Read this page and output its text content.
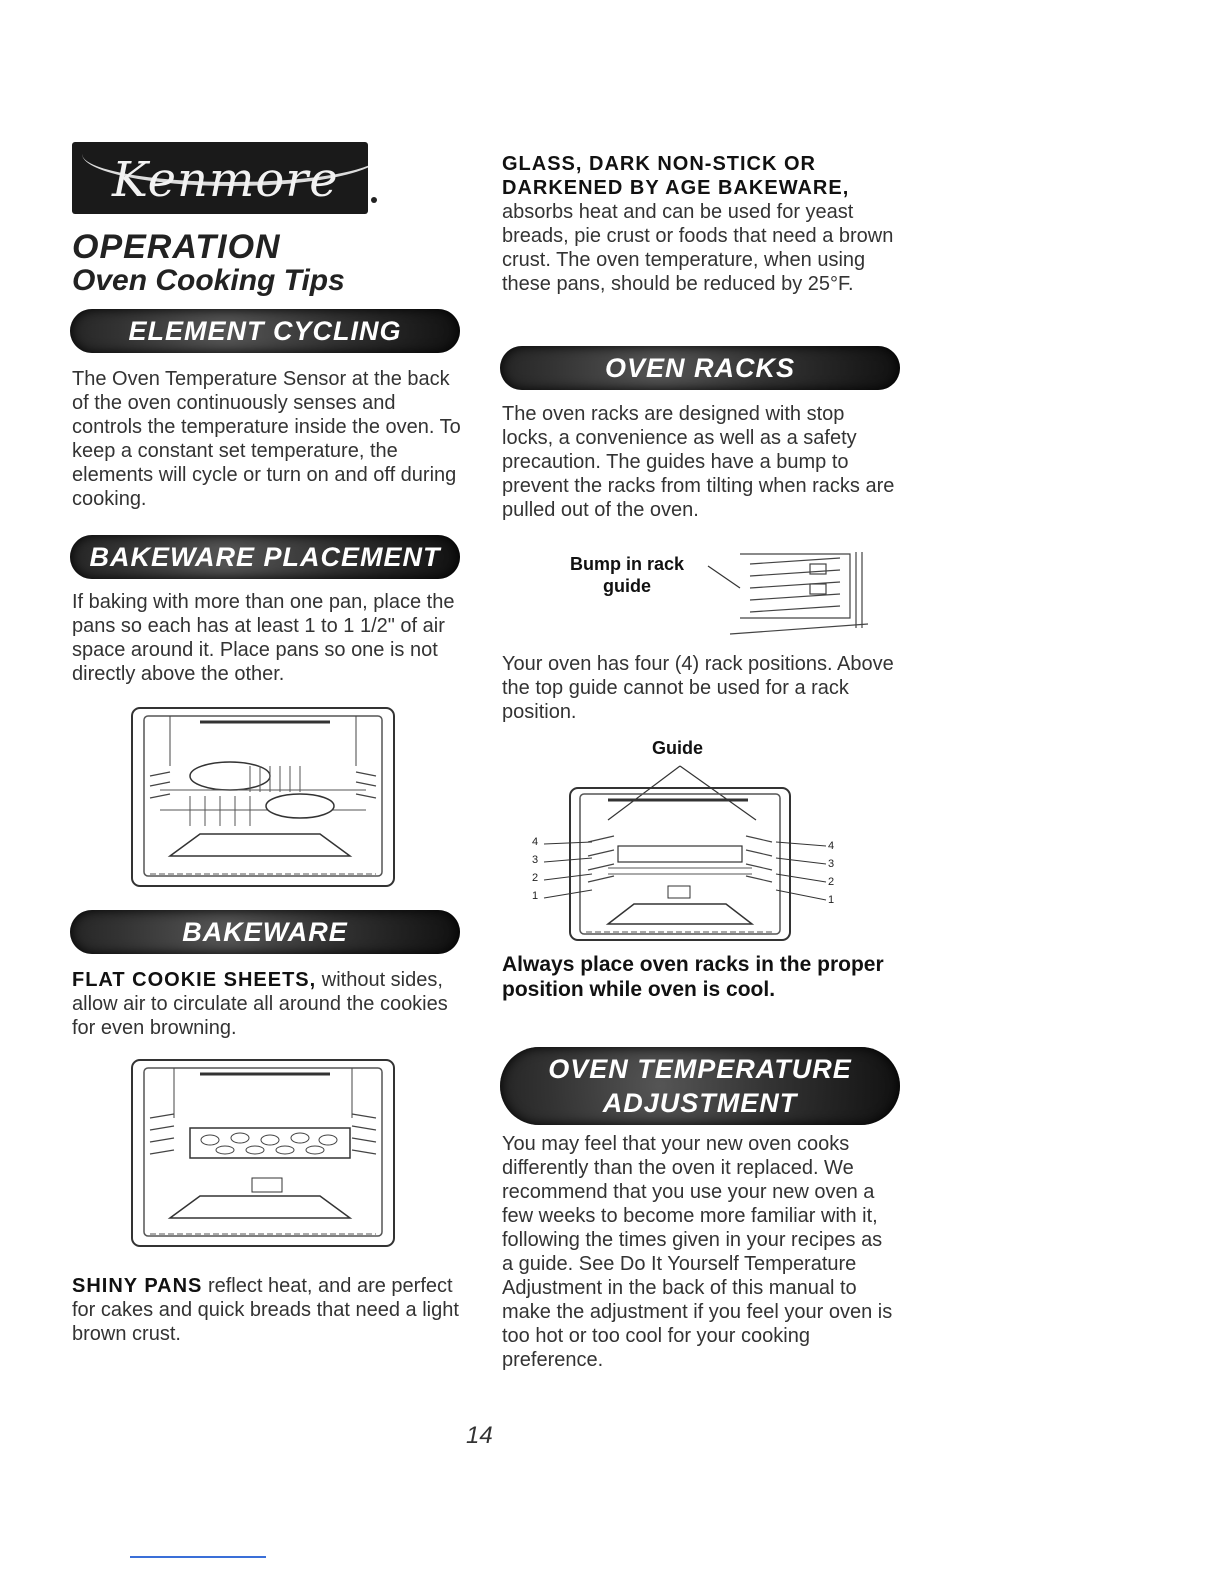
Kenmore
OPERATION
Oven Cooking Tips
ELEMENT CYCLING
The Oven Temperature Sensor at the back of the oven continuously senses and controls the temperature inside the oven. To keep a constant set temperature, the elements will cycle or turn on and off during cooking.
BAKEWARE PLACEMENT
If baking with more than one pan, place the pans so each has at least 1 to 1 1/2" of air space around it. Place pans so one is not directly above the other.
BAKEWARE
FLAT COOKIE SHEETS, without sides, allow air to circulate all around the cookies for even browning.
SHINY PANS reflect heat, and are perfect for cakes and quick breads that need a light brown crust.
GLASS, DARK NON-STICK OR DARKENED BY AGE BAKEWARE, absorbs heat and can be used for yeast breads, pie crust or foods that need a brown crust. The oven temperature, when using these pans, should be reduced by 25°F.
OVEN RACKS
The oven racks are designed with stop locks, a convenience as well as a safety precaution. The guides have a bump to prevent the racks from tilting when racks are pulled out of the oven.
Bump in rack guide
Your oven has four (4) rack positions. Above the top guide cannot be used for a rack position.
Guide
4
3
2
1
4
3
2
1
Always place oven racks in the proper position while oven is cool.
OVEN TEMPERATURE
ADJUSTMENT
You may feel that your new oven cooks differently than the oven it replaced. We recommend that you use your new oven a few weeks to become more familiar with it, following the times given in your recipes as a guide. See Do It Yourself Temperature Adjustment in the back of this manual to make the adjustment if you feel your oven is too hot or too cool for your cooking preference.
14
